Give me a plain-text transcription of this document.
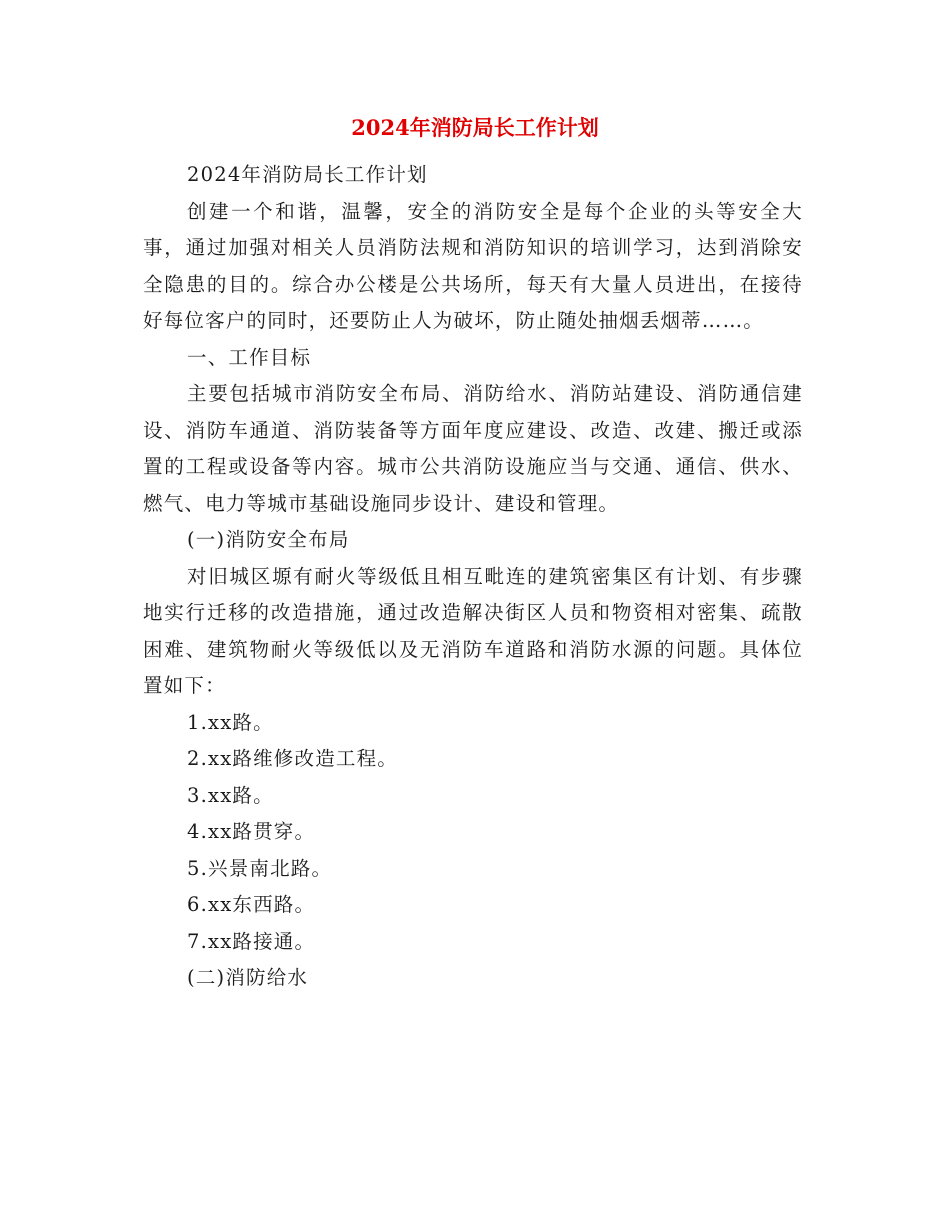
2024年消防局长工作计划

2024年消防局长工作计划

创建一个和谐，温馨，安全的消防安全是每个企业的头等安全大事，通过加强对相关人员消防法规和消防知识的培训学习，达到消除安全隐患的目的。综合办公楼是公共场所，每天有大量人员进出，在接待好每位客户的同时，还要防止人为破坏，防止随处抽烟丢烟蒂……。

一、工作目标

主要包括城市消防安全布局、消防给水、消防站建设、消防通信建设、消防车通道、消防装备等方面年度应建设、改造、改建、搬迁或添置的工程或设备等内容。城市公共消防设施应当与交通、通信、供水、燃气、电力等城市基础设施同步设计、建设和管理。

(一)消防安全布局

对旧城区塬有耐火等级低且相互毗连的建筑密集区有计划、有步骤地实行迁移的改造措施，通过改造解决街区人员和物资相对密集、疏散困难、建筑物耐火等级低以及无消防车道路和消防水源的问题。具体位置如下：

1.xx路。

2.xx路维修改造工程。

3.xx路。

4.xx路贯穿。

5.兴景南北路。

6.xx东西路。

7.xx路接通。

(二)消防给水
